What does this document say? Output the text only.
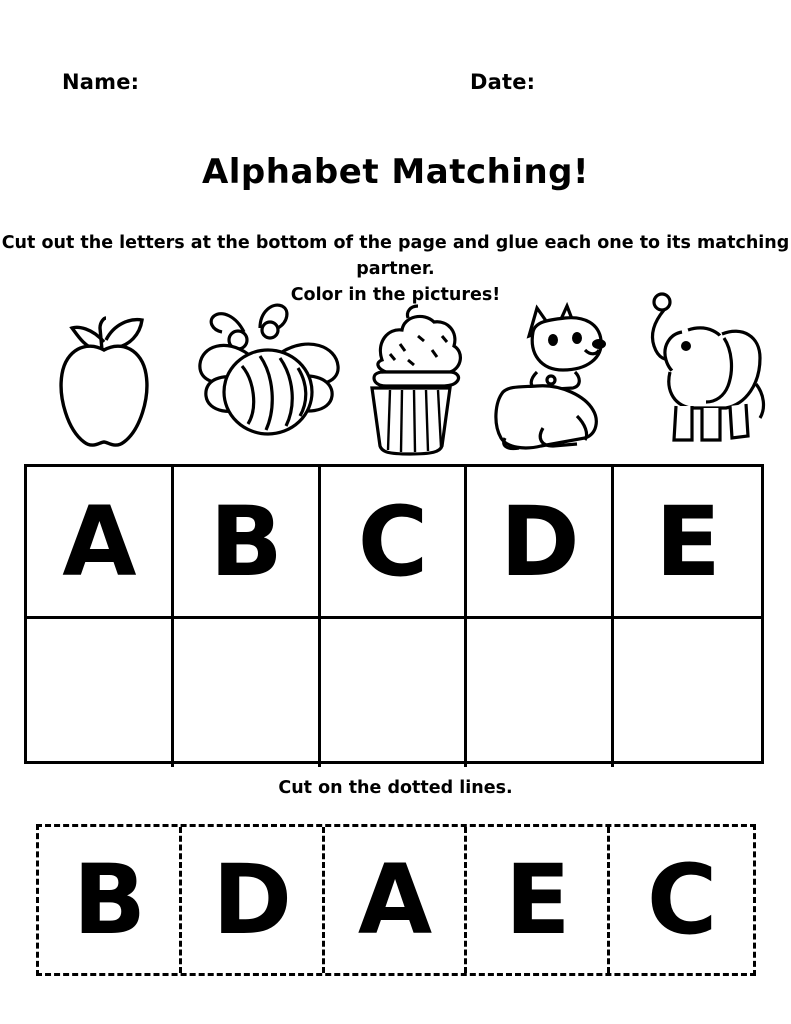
Name:	Date:
Alphabet Matching!
Cut out the letters at the bottom of the page and glue each one to its matching partner.
Color in the pictures!
A B C D E
Cut on the dotted lines.
B D A E C
